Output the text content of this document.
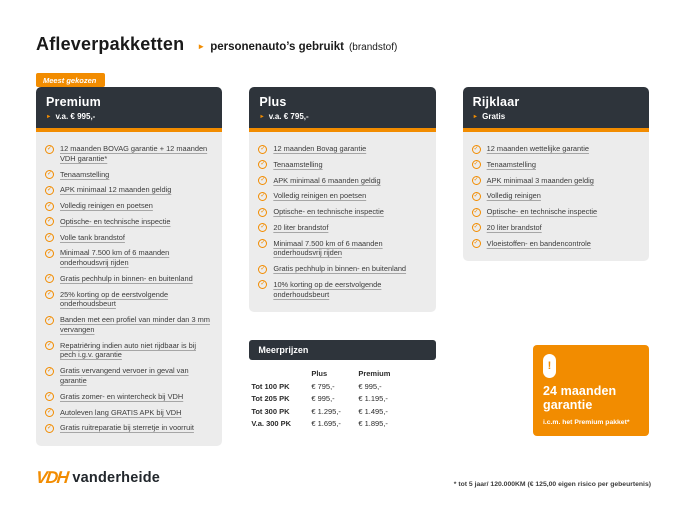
Afleverpakketten ► personenauto’s gebruikt (brandstof)
Meest gekozen
Premium
► v.a. € 995,-
✓ 12 maanden BOVAG garantie + 12 maanden VDH garantie*
✓ Tenaamstelling
✓ APK minimaal 12 maanden geldig
✓ Volledig reinigen en poetsen
✓ Optische- en technische inspectie
✓ Volle tank brandstof
✓ Minimaal 7.500 km of 6 maanden onderhoudsvrij rijden
✓ Gratis pechhulp in binnen- en buitenland
✓ 25% korting op de eerstvolgende onderhoudsbeurt
✓ Banden met een profiel van minder dan 3 mm vervangen
✓ Repatriëring indien auto niet rijdbaar is bij pech i.g.v. garantie
✓ Gratis vervangend vervoer in geval van garantie
✓ Gratis zomer- en wintercheck bij VDH
✓ Autoleven lang GRATIS APK bij VDH
✓ Gratis ruitreparatie bij sterretje in voorruit
Plus
► v.a. € 795,-
✓ 12 maanden Bovag garantie
✓ Tenaamstelling
✓ APK minimaal 6 maanden geldig
✓ Volledig reinigen en poetsen
✓ Optische- en technische inspectie
✓ 20 liter brandstof
✓ Minimaal 7.500 km of 6 maanden onderhoudsvrij rijden
✓ Gratis pechhulp in binnen- en buitenland
✓ 10% korting op de eerstvolgende onderhoudsbeurt
Meerprijzen
Plus	Premium
Tot 100 PK	€ 795,-	€ 995,-
Tot 205 PK	€ 995,-	€ 1.195,-
Tot 300 PK	€ 1.295,-	€ 1.495,-
V.a. 300 PK	€ 1.695,-	€ 1.895,-
Rijklaar
► Gratis
✓ 12 maanden wettelijke garantie
✓ Tenaamstelling
✓ APK minimaal 3 maanden geldig
✓ Volledig reinigen
✓ Optische- en technische inspectie
✓ 20 liter brandstof
✓ Vloeistoffen- en bandencontrole
!
24 maanden
garantie
i.c.m. het Premium pakket*
VDH vanderheide	* tot 5 jaar/ 120.000KM (€ 125,00 eigen risico per gebeurtenis)
